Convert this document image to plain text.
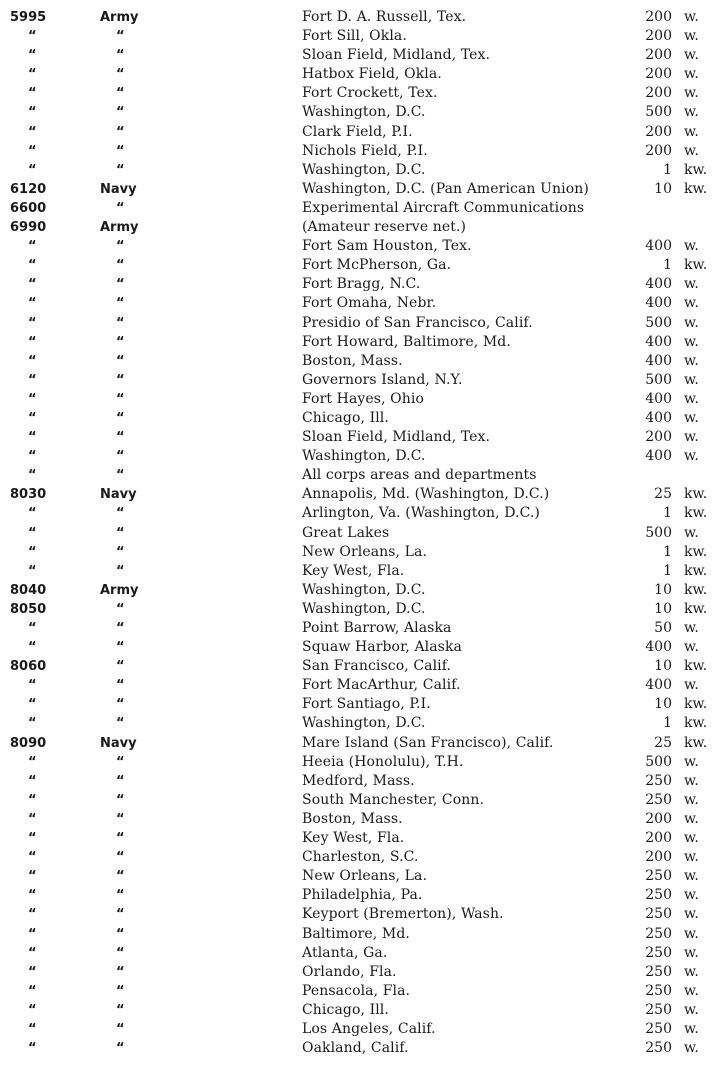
5995	Army	Fort D. A. Russell, Tex.	200 w.
“	“	Fort Sill, Okla.	200 w.
“	“	Sloan Field, Midland, Tex.	200 w.
“	“	Hatbox Field, Okla.	200 w.
“	“	Fort Crockett, Tex.	200 w.
“	“	Washington, D.C.	500 w.
“	“	Clark Field, P.I.	200 w.
“	“	Nichols Field, P.I.	200 w.
“	“	Washington, D.C.	1 kw.
6120	Navy	Washington, D.C. (Pan American Union)	10 kw.
6600	“	Experimental Aircraft Communications
6990	Army	(Amateur reserve net.)
“	“	Fort Sam Houston, Tex.	400 w.
“	“	Fort McPherson, Ga.	1 kw.
“	“	Fort Bragg, N.C.	400 w.
“	“	Fort Omaha, Nebr.	400 w.
“	“	Presidio of San Francisco, Calif.	500 w.
“	“	Fort Howard, Baltimore, Md.	400 w.
“	“	Boston, Mass.	400 w.
“	“	Governors Island, N.Y.	500 w.
“	“	Fort Hayes, Ohio	400 w.
“	“	Chicago, Ill.	400 w.
“	“	Sloan Field, Midland, Tex.	200 w.
“	“	Washington, D.C.	400 w.
“	“	All corps areas and departments
8030	Navy	Annapolis, Md. (Washington, D.C.)	25 kw.
“	“	Arlington, Va. (Washington, D.C.)	1 kw.
“	“	Great Lakes	500 w.
“	“	New Orleans, La.	1 kw.
“	“	Key West, Fla.	1 kw.
8040	Army	Washington, D.C.	10 kw.
8050	“	Washington, D.C.	10 kw.
“	“	Point Barrow, Alaska	50 w.
“	“	Squaw Harbor, Alaska	400 w.
8060	“	San Francisco, Calif.	10 kw.
“	“	Fort MacArthur, Calif.	400 w.
“	“	Fort Santiago, P.I.	10 kw.
“	“	Washington, D.C.	1 kw.
8090	Navy	Mare Island (San Francisco), Calif.	25 kw.
“	“	Heeia (Honolulu), T.H.	500 w.
“	“	Medford, Mass.	250 w.
“	“	South Manchester, Conn.	250 w.
“	“	Boston, Mass.	200 w.
“	“	Key West, Fla.	200 w.
“	“	Charleston, S.C.	200 w.
“	“	New Orleans, La.	250 w.
“	“	Philadelphia, Pa.	250 w.
“	“	Keyport (Bremerton), Wash.	250 w.
“	“	Baltimore, Md.	250 w.
“	“	Atlanta, Ga.	250 w.
“	“	Orlando, Fla.	250 w.
“	“	Pensacola, Fla.	250 w.
“	“	Chicago, Ill.	250 w.
“	“	Los Angeles, Calif.	250 w.
“	“	Oakland, Calif.	250 w.
